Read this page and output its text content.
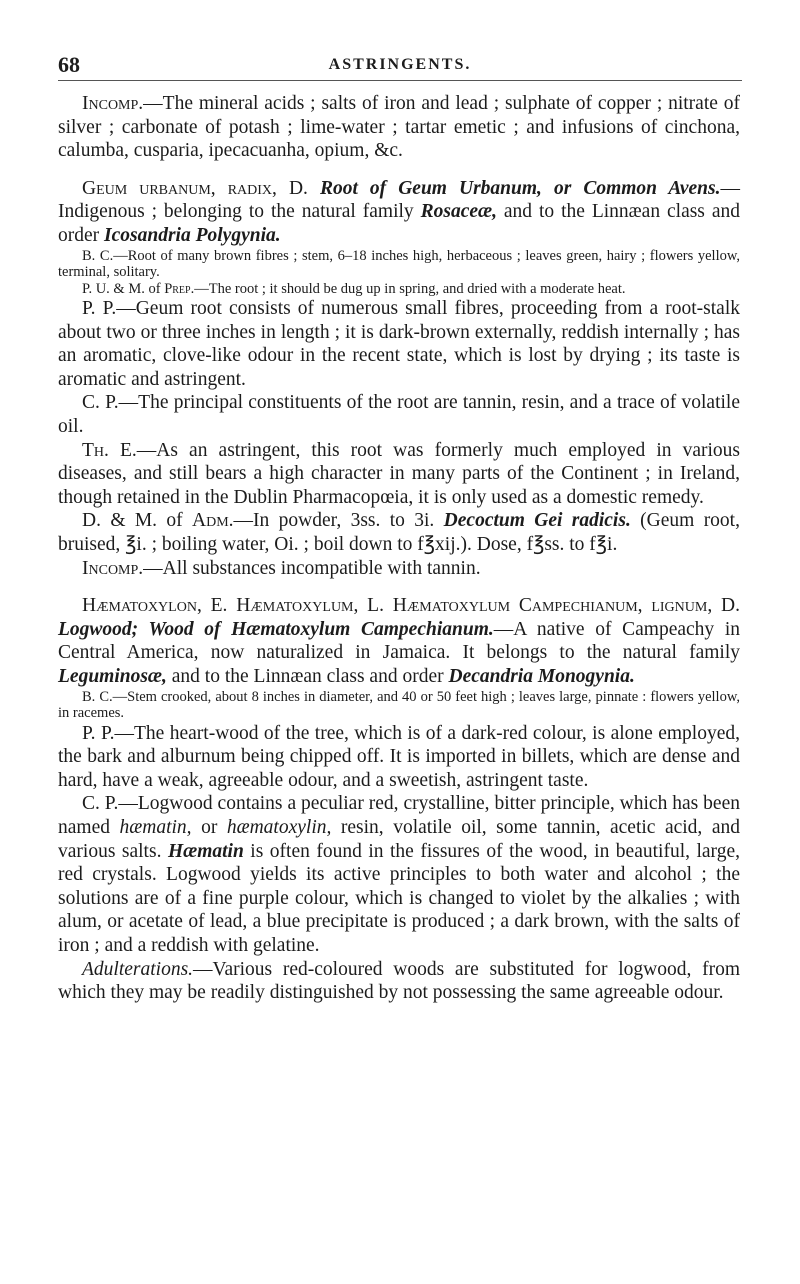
68	ASTRINGENTS.

Incomp.—The mineral acids ; salts of iron and lead ; sulphate of copper ; nitrate of silver ; carbonate of potash ; lime-water ; tartar emetic ; and infusions of cinchona, calumba, cusparia, ipecacuanha, opium, &c.

Geum urbanum, radix, D. Root of Geum Urbanum, or Common Avens.—Indigenous ; belonging to the natural family Rosaceæ, and to the Linnæan class and order Icosandria Polygynia.

B. C.—Root of many brown fibres ; stem, 6–18 inches high, herbaceous ; leaves green, hairy ; flowers yellow, terminal, solitary.

P. U. & M. of Prep.—The root ; it should be dug up in spring, and dried with a moderate heat.

P. P.—Geum root consists of numerous small fibres, proceeding from a root-stalk about two or three inches in length ; it is dark-brown externally, reddish internally ; has an aromatic, clove-like odour in the recent state, which is lost by drying ; its taste is aromatic and astringent.

C. P.—The principal constituents of the root are tannin, resin, and a trace of volatile oil.

Th. E.—As an astringent, this root was formerly much employed in various diseases, and still bears a high character in many parts of the Continent ; in Ireland, though retained in the Dublin Pharmacopœia, it is only used as a domestic remedy.

D. & M. of Adm.—In powder, 3ss. to 3i. Decoctum Gei radicis. (Geum root, bruised, ℥i. ; boiling water, Oi. ; boil down to f℥xij.). Dose, f℥ss. to f℥i.

Incomp.—All substances incompatible with tannin.

Hæmatoxylon, E. Hæmatoxylum, L. Hæmatoxylum Campechianum, lignum, D. Logwood; Wood of Hæmatoxylum Campechianum.—A native of Campeachy in Central America, now naturalized in Jamaica. It belongs to the natural family Leguminosæ, and to the Linnæan class and order Decandria Monogynia.

B. C.—Stem crooked, about 8 inches in diameter, and 40 or 50 feet high ; leaves large, pinnate : flowers yellow, in racemes.

P. P.—The heart-wood of the tree, which is of a dark-red colour, is alone employed, the bark and alburnum being chipped off. It is imported in billets, which are dense and hard, have a weak, agreeable odour, and a sweetish, astringent taste.

C. P.—Logwood contains a peculiar red, crystalline, bitter principle, which has been named hæmatin, or hæmatoxylin, resin, volatile oil, some tannin, acetic acid, and various salts. Hæmatin is often found in the fissures of the wood, in beautiful, large, red crystals. Logwood yields its active principles to both water and alcohol ; the solutions are of a fine purple colour, which is changed to violet by the alkalies ; with alum, or acetate of lead, a blue precipitate is produced ; a dark brown, with the salts of iron ; and a reddish with gelatine.

Adulterations.—Various red-coloured woods are substituted for logwood, from which they may be readily distinguished by not possessing the same agreeable odour.
